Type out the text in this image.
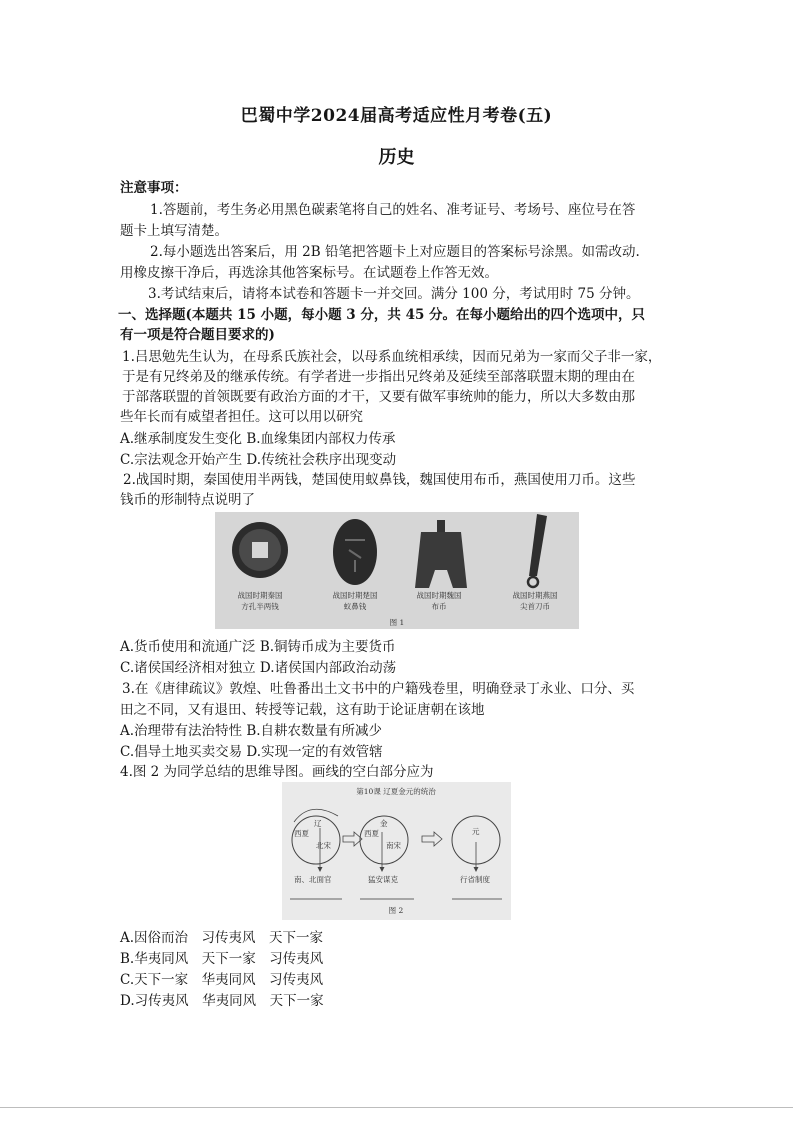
巴蜀中学2024届高考适应性月考卷(五)
历史
注意事项：
1.答题前，考生务必用黑色碳素笔将自己的姓名、准考证号、考场号、座位号在答
题卡上填写清楚。
2.每小题选出答案后，用 2B 铅笔把答题卡上对应题目的答案标号涂黑。如需改动.
用橡皮擦干净后，再选涂其他答案标号。在试题卷上作答无效。
3.考试结束后，请将本试卷和答题卡一并交回。满分 100 分，考试用时 75 分钟。
一、选择题(本题共 15 小题，每小题 3 分，共 45 分。在每小题给出的四个选项中，只
有一项是符合题目要求的)
1.吕思勉先生认为，在母系氏族社会，以母系血统相承续，因而兄弟为一家而父子非一家，
于是有兄终弟及的继承传统。有学者进一步指出兄终弟及延续至部落联盟末期的理由在
于部落联盟的首领既要有政治方面的才干，又要有做军事统帅的能力，所以大多数由那
些年长而有威望者担任。这可以用以研究
A.继承制度发生变化 B.血缘集团内部权力传承
C.宗法观念开始产生 D.传统社会秩序出现变动
2.战国时期，秦国使用半两钱，楚国使用蚁鼻钱，魏国使用布币，燕国使用刀币。这些
钱币的形制特点说明了
战国时期秦国
方孔半两钱
战国时期楚国
蚁鼻钱
战国时期魏国
布币
战国时期燕国
尖首刀币
图 1
A.货币使用和流通广泛 B.铜铸币成为主要货币
C.诸侯国经济相对独立 D.诸侯国内部政治动荡
3.在《唐律疏议》敦煌、吐鲁番出土文书中的户籍残卷里，明确登录丁永业、口分、买
田之不同，又有退田、转授等记载，这有助于论证唐朝在该地
A.治理带有法治特性 B.自耕农数量有所减少
C.倡导土地买卖交易 D.实现一定的有效管辖
4.图 2 为同学总结的思维导图。画线的空白部分应为
第10课 辽夏金元的统治
辽
西夏
北宋
南、北面官
金
西夏
南宋
猛安谋克
元
行省制度
图 2
A.因俗而治　习传夷风　天下一家
B.华夷同风　天下一家　习传夷风
C.天下一家　华夷同风　习传夷风
D.习传夷风　华夷同风　天下一家
